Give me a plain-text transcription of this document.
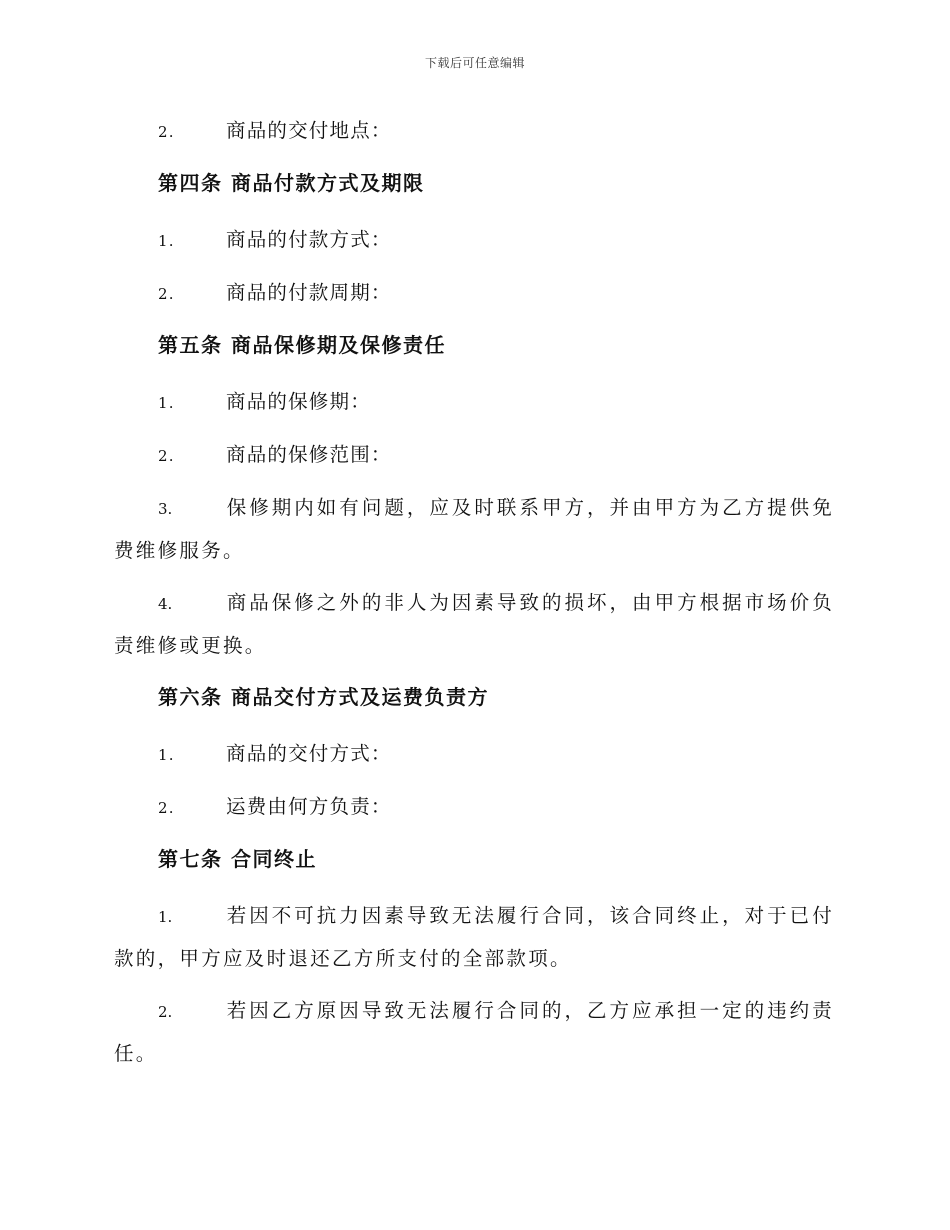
下载后可任意编辑
2.	商品的交付地点：
第四条 商品付款方式及期限
1.	商品的付款方式：
2.	商品的付款周期：
第五条 商品保修期及保修责任
1.	商品的保修期：
2.	商品的保修范围：
3.	保修期内如有问题，应及时联系甲方，并由甲方为乙方提供免费维修服务。
4.	商品保修之外的非人为因素导致的损坏，由甲方根据市场价负责维修或更换。
第六条 商品交付方式及运费负责方
1.	商品的交付方式：
2.	运费由何方负责：
第七条 合同终止
1.	若因不可抗力因素导致无法履行合同，该合同终止，对于已付款的，甲方应及时退还乙方所支付的全部款项。
2.	若因乙方原因导致无法履行合同的，乙方应承担一定的违约责任。
